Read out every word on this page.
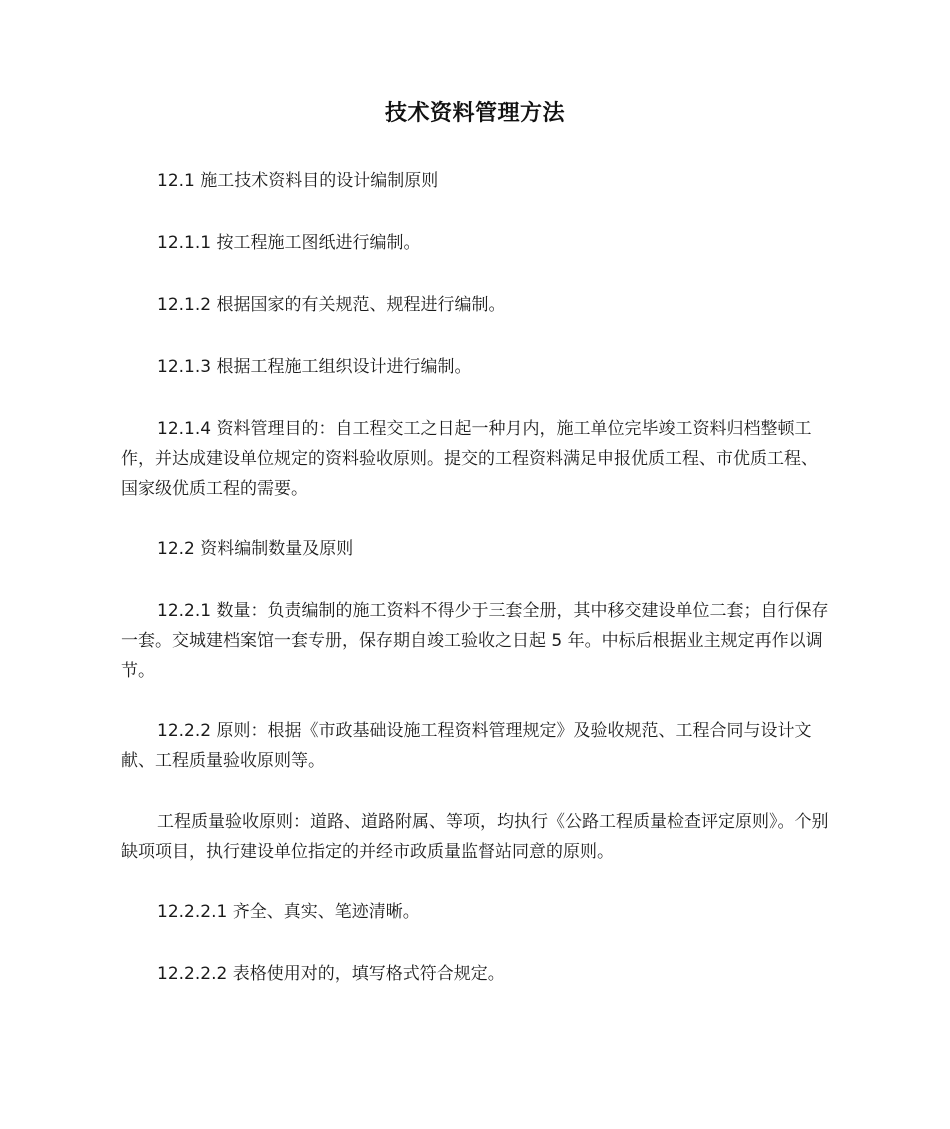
技术资料管理方法

12.1 施工技术资料目的设计编制原则

12.1.1 按工程施工图纸进行编制。

12.1.2 根据国家的有关规范、规程进行编制。

12.1.3 根据工程施工组织设计进行编制。

12.1.4 资料管理目的：自工程交工之日起一种月内，施工单位完毕竣工资料归档整顿工作，并达成建设单位规定的资料验收原则。提交的工程资料满足申报优质工程、市优质工程、国家级优质工程的需要。

12.2 资料编制数量及原则

12.2.1 数量：负责编制的施工资料不得少于三套全册，其中移交建设单位二套；自行保存一套。交城建档案馆一套专册，保存期自竣工验收之日起 5 年。中标后根据业主规定再作以调节。

12.2.2 原则：根据《市政基础设施工程资料管理规定》及验收规范、工程合同与设计文献、工程质量验收原则等。

工程质量验收原则：道路、道路附属、等项，均执行《公路工程质量检查评定原则》。个别缺项项目，执行建设单位指定的并经市政质量监督站同意的原则。

12.2.2.1 齐全、真实、笔迹清晰。

12.2.2.2 表格使用对的，填写格式符合规定。
